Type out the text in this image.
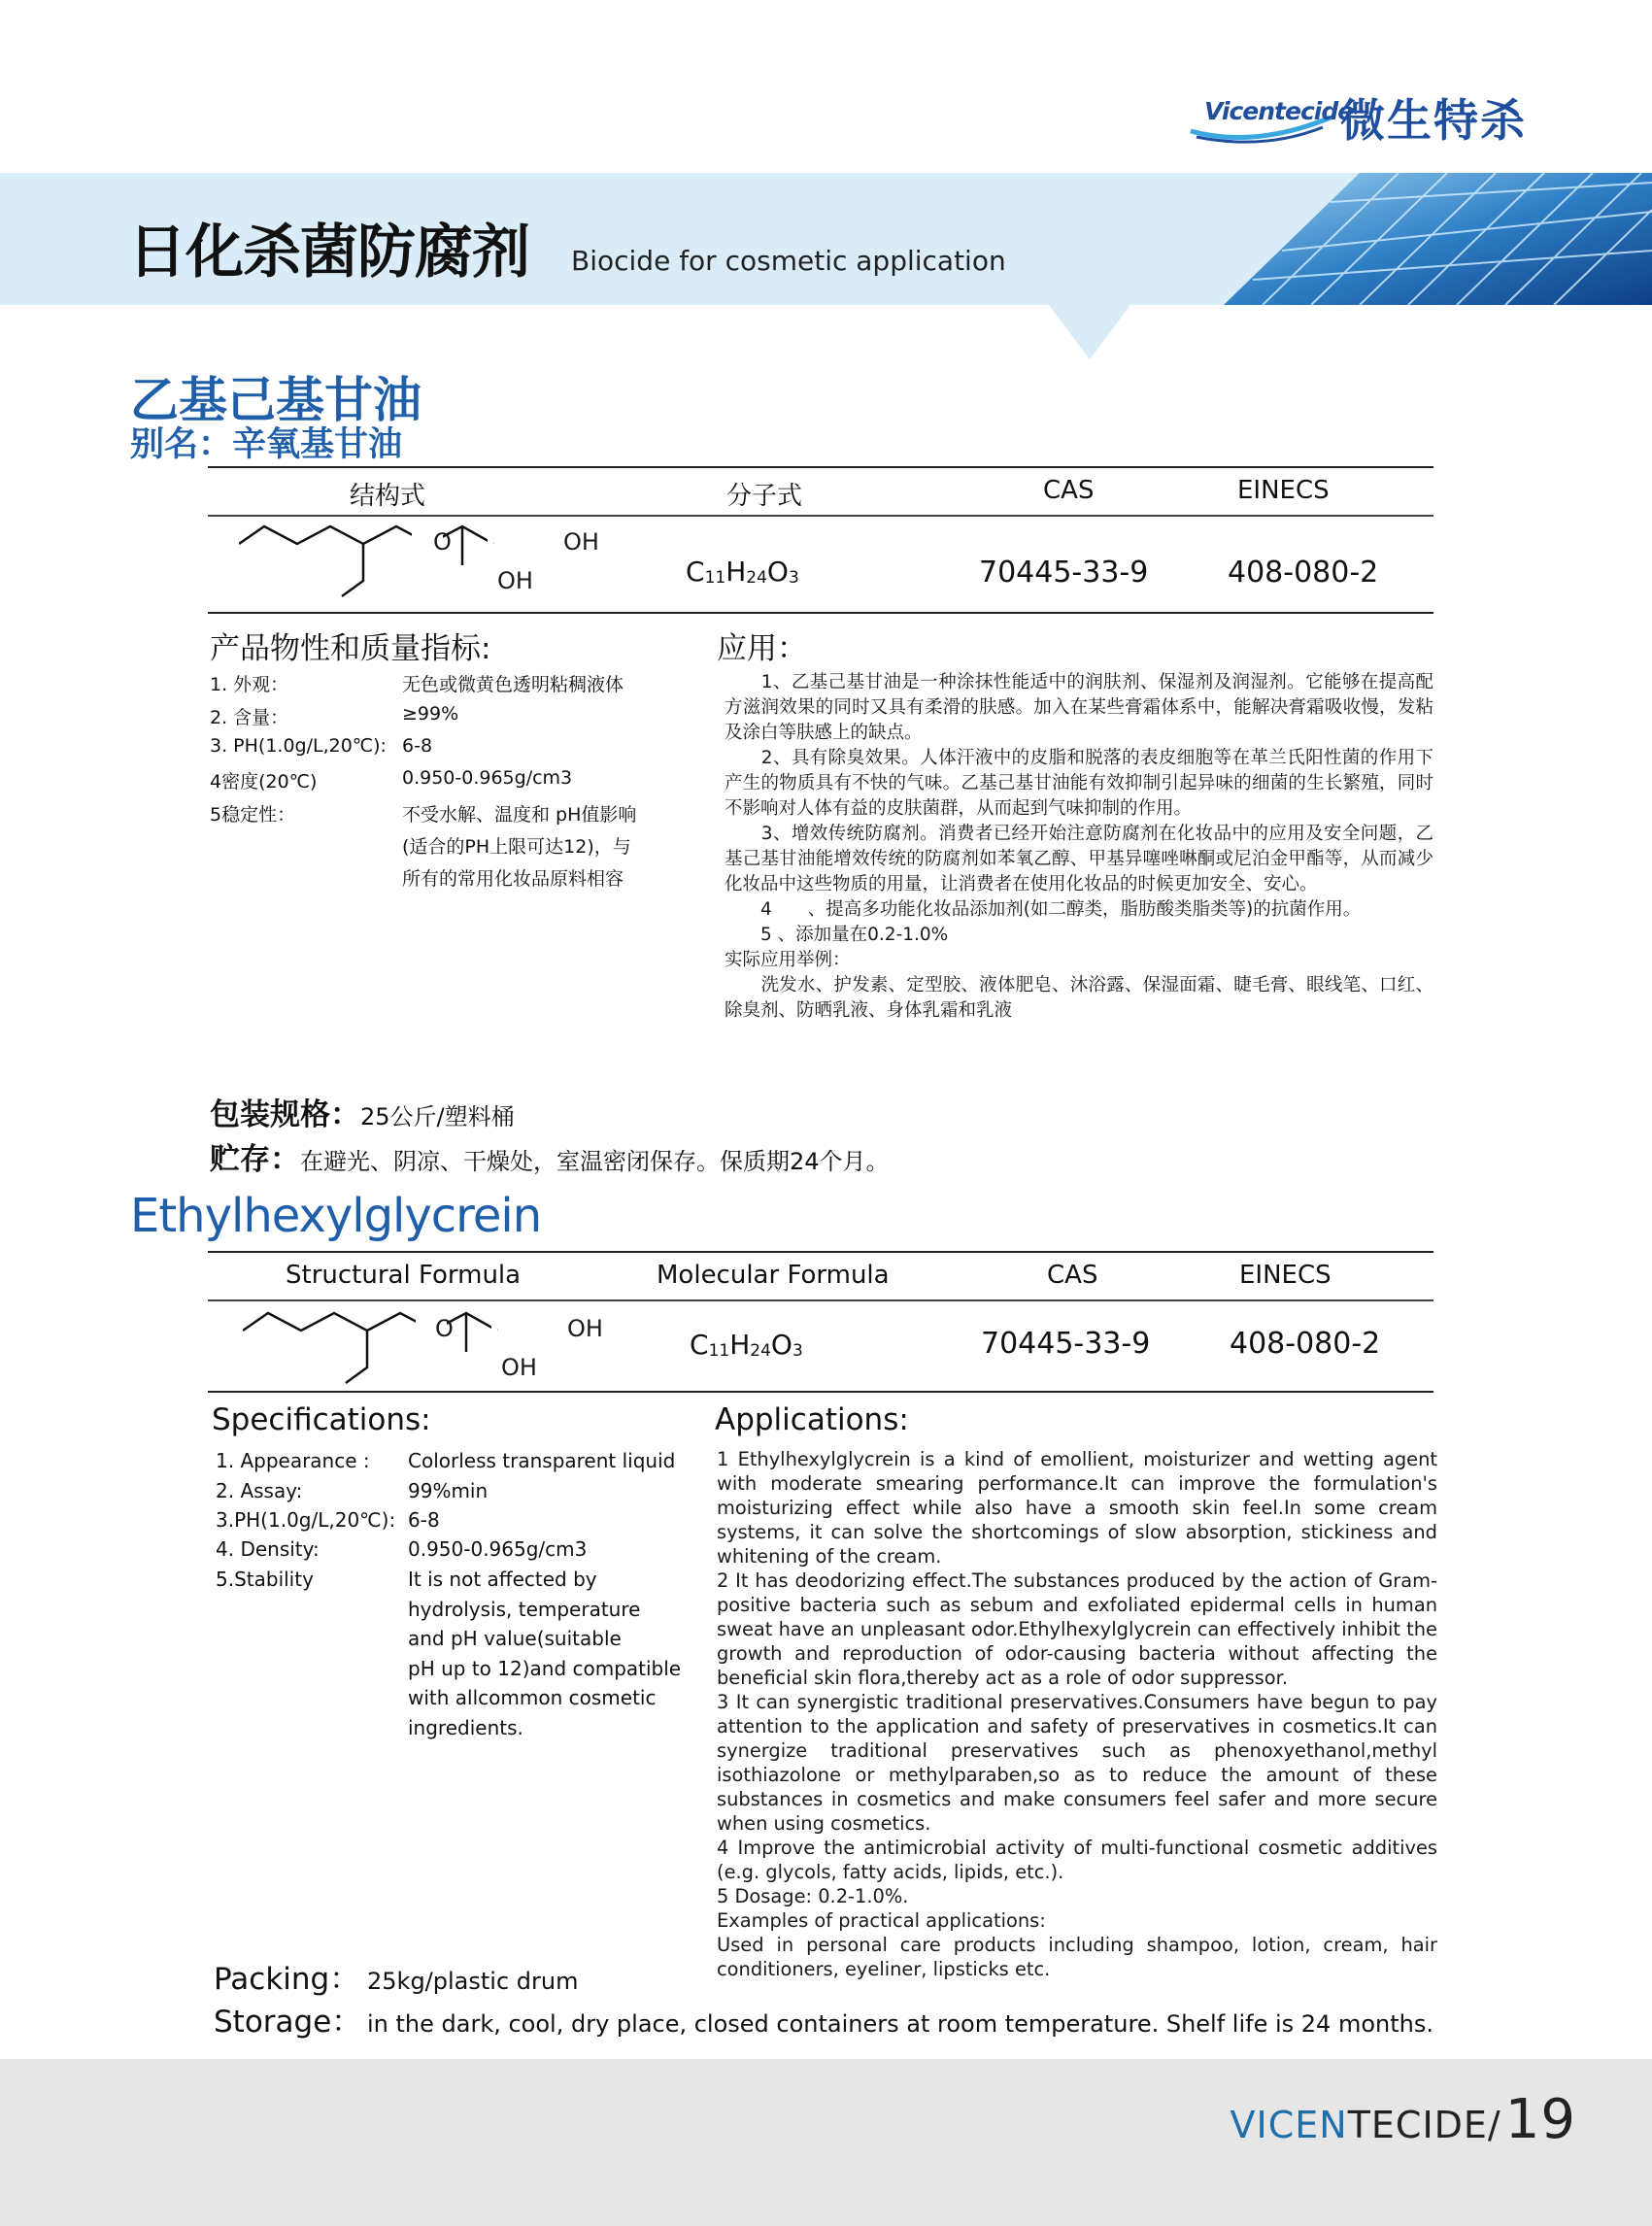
Vicentecide
微生特杀
日化杀菌防腐剂 Biocide for cosmetic application
乙基己基甘油
别名：辛氧基甘油
结构式	分子式	CAS	EINECS
O	OH
OH	$C_{11}H_{24}O_3$	70445-33-9	408-080-2
产品物性和质量指标:
1. 外观：	无色或微黄色透明粘稠液体
2. 含量：	≥99%
3. PH(1.0g/L,20℃): 6-8
4密度(20℃)	0.950-0.965g/cm3
5稳定性：	不受水解、温度和 pH值影响
(适合的PH上限可达12)，与
所有的常用化妆品原料相容
应用：

　　1、乙基己基甘油是一种涂抹性能适中的润肤剂、保湿剂及润湿剂。它能够在提高配方滋润效果的同时又具有柔滑的肤感。加入在某些膏霜体系中，能解决膏霜吸收慢，发粘及涂白等肤感上的缺点。

　　2、具有除臭效果。人体汗液中的皮脂和脱落的表皮细胞等在革兰氏阳性菌的作用下产生的物质具有不快的气味。乙基己基甘油能有效抑制引起异味的细菌的生长繁殖，同时不影响对人体有益的皮肤菌群，从而起到气味抑制的作用。

　　3、增效传统防腐剂。消费者已经开始注意防腐剂在化妆品中的应用及安全问题，乙基己基甘油能增效传统的防腐剂如苯氧乙醇、甲基异噻唑啉酮或尼泊金甲酯等，从而减少化妆品中这些物质的用量，让消费者在使用化妆品的时候更加安全、安心。

　　4　　、提高多功能化妆品添加剂(如二醇类，脂肪酸类脂类等)的抗菌作用。

　　5 、添加量在0.2-1.0%

实际应用举例：

　　洗发水、护发素、定型胶、液体肥皂、沐浴露、保湿面霜、睫毛膏、眼线笔、口红、除臭剂、防晒乳液、身体乳霜和乳液

包装规格：25公斤/塑料桶
贮存：在避光、阴凉、干燥处，室温密闭保存。保质期24个月。
Ethylhexylglycrein
Structural Formula	Molecular Formula	CAS	EINECS
O	OH
OH
$C_{11}H_{24}O_3$	70445-33-9	408-080-2
Specifications:
1. Appearance : Colorless transparent liquid
2. Assay:	99%min
3.PH(1.0g/L,20℃): 6-8
4. Density:	0.950-0.965g/cm3
5.Stability	It is not affected by
hydrolysis, temperature
and pH value(suitable
pH up to 12)and compatible
with allcommon cosmetic
ingredients.
Applications:

1 Ethylhexylglycrein is a kind of emollient, moisturizer and wetting agent with moderate smearing performance.It can improve the formulation's moisturizing effect while also have a smooth skin feel.In some cream systems, it can solve the shortcomings of slow absorption, stickiness and whitening of the cream.

2 It has deodorizing effect.The substances produced by the action of Gram-positive bacteria such as sebum and exfoliated epidermal cells in human sweat have an unpleasant odor.Ethylhexylglycrein can effectively inhibit the growth and reproduction of odor-causing bacteria without affecting the beneficial skin flora,thereby act as a role of odor suppressor.

3 It can synergistic traditional preservatives.Consumers have begun to pay attention to the application and safety of preservatives in cosmetics.It can synergize traditional preservatives such as phenoxyethanol,methyl isothiazolone or methylparaben,so as to reduce the amount of these substances in cosmetics and make consumers feel safer and more secure when using cosmetics.

4 Improve the antimicrobial activity of multi-functional cosmetic additives (e.g. glycols, fatty acids, lipids, etc.).

5 Dosage: 0.2-1.0%.

Examples of practical applications:

Used in personal care products including shampoo, lotion, cream, hair conditioners, eyeliner, lipsticks etc.

Packing： 25kg/plastic drum
Storage： in the dark, cool, dry place, closed containers at room temperature. Shelf life is 24 months.
VICENTECIDE/19
